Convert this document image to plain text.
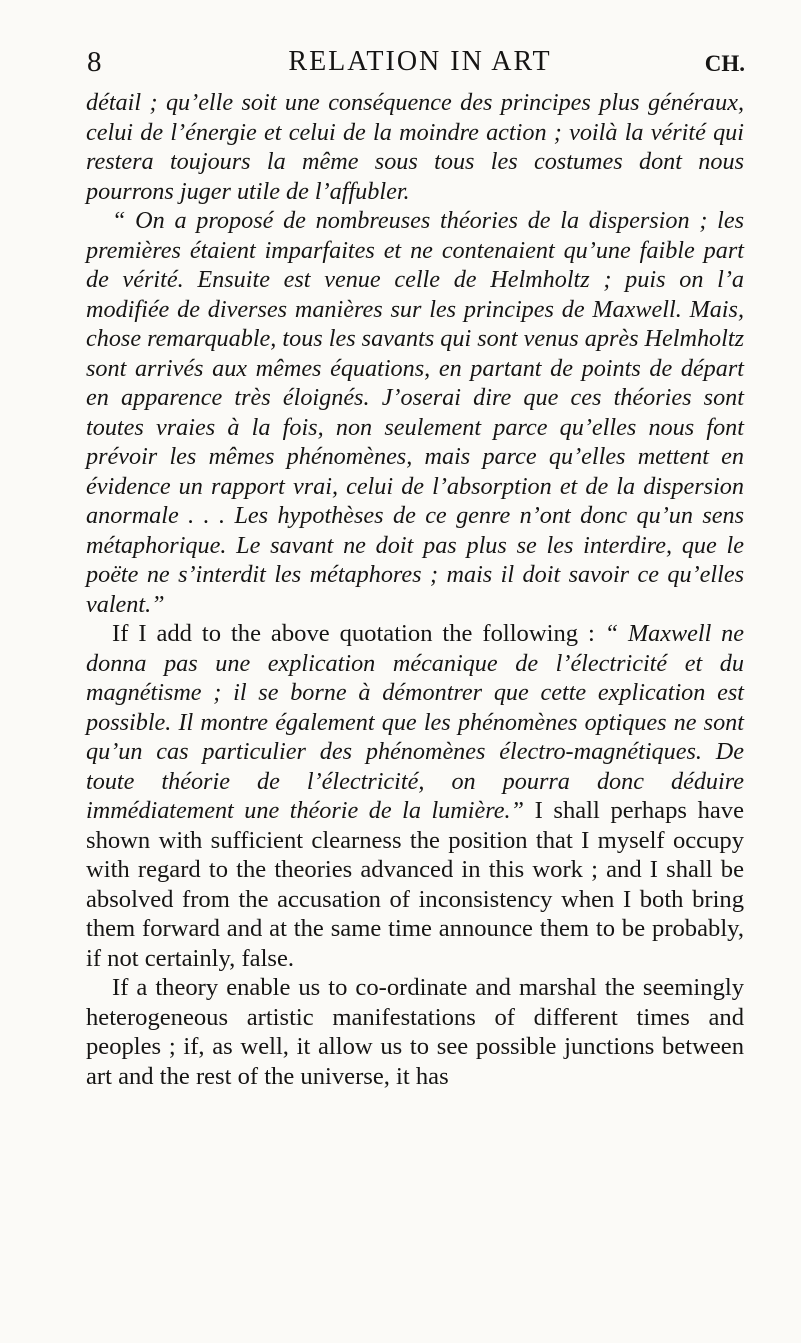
8	RELATION IN ART	CH.

détail ; qu’elle soit une conséquence des principes plus généraux, celui de l’énergie et celui de la moindre action ; voilà la vérité qui restera toujours la même sous tous les costumes dont nous pourrons juger utile de l’affubler.

“ On a proposé de nombreuses théories de la dispersion ; les premières étaient imparfaites et ne contenaient qu’une faible part de vérité. Ensuite est venue celle de Helmholtz ; puis on l’a modifiée de diverses manières sur les principes de Maxwell. Mais, chose remarquable, tous les savants qui sont venus après Helmholtz sont arrivés aux mêmes équations, en partant de points de départ en apparence très éloignés. J’oserai dire que ces théories sont toutes vraies à la fois, non seulement parce qu’elles nous font prévoir les mêmes phénomènes, mais parce qu’elles mettent en évidence un rapport vrai, celui de l’absorption et de la dispersion anormale . . . Les hypothèses de ce genre n’ont donc qu’un sens métaphorique. Le savant ne doit pas plus se les interdire, que le poëte ne s’interdit les métaphores ; mais il doit savoir ce qu’elles valent.”

If I add to the above quotation the following : “ Maxwell ne donna pas une explication mécanique de l’électricité et du magnétisme ; il se borne à démontrer que cette explication est possible. Il montre également que les phénomènes optiques ne sont qu’un cas particulier des phénomènes électro-magnétiques. De toute théorie de l’électricité, on pourra donc déduire immédiatement une théorie de la lumière.” I shall perhaps have shown with sufficient clearness the position that I myself occupy with regard to the theories advanced in this work ; and I shall be absolved from the accusation of inconsistency when I both bring them forward and at the same time announce them to be probably, if not certainly, false.

If a theory enable us to co-ordinate and marshal the seemingly heterogeneous artistic manifestations of different times and peoples ; if, as well, it allow us to see possible junctions between art and the rest of the universe, it has
